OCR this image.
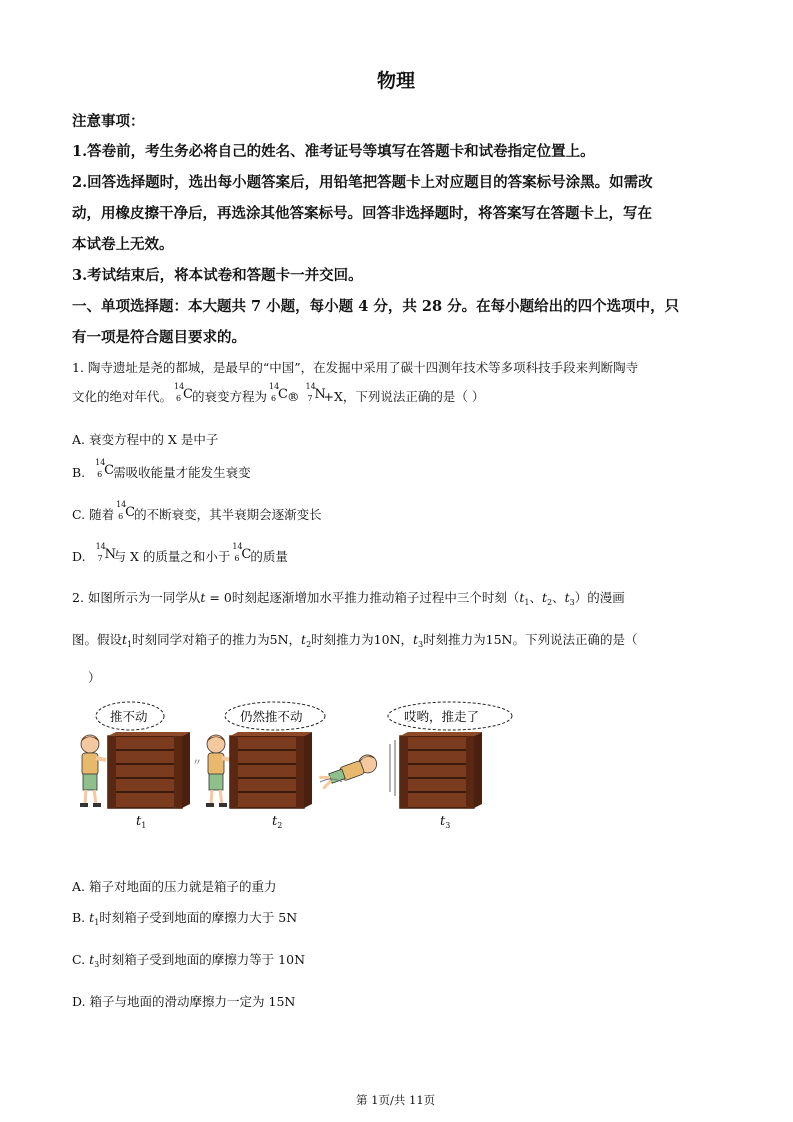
物理
注意事项：
1.答卷前，考生务必将自己的姓名、准考证号等填写在答题卡和试卷指定位置上。
2.回答选择题时，选出每小题答案后，用铅笔把答题卡上对应题目的答案标号涂黑。如需改
动，用橡皮擦干净后，再选涂其他答案标号。回答非选择题时，将答案写在答题卡上，写在
本试卷上无效。
3.考试结束后，将本试卷和答题卡一并交回。
一、单项选择题：本大题共 7 小题，每小题 4 分，共 28 分。在每小题给出的四个选项中，只
有一项是符合题目要求的。
1. 陶寺遗址是尧的都城，是最早的“中国”，在发掘中采用了碳十四测年技术等多项科技手段来判断陶寺
文化的绝对年代。
14
6 C 的衰变方程为
14
6 C ®
14
7 N
+X，下列说法正确的是（ ）
A. 衰变方程中的 X 是中子
B.
14
6 C 需吸收能量才能发生衰变
C. 随着
14
6 C 的不断衰变，其半衰期会逐渐变长
D.
14
7 N
与 X 的质量之和小于
14
6 C 的质量
2. 如图所示为一同学从t = 0时刻起逐渐增加水平推力推动箱子过程中三个时刻（$t_1$、$t_2$、$t_3$）的漫画
图。假设$t_1$时刻同学对箱子的推力为5N，$t_2$时刻推力为10N，$t_3$时刻推力为15N。下列说法正确的是（
）
推不动	仍然推不动
〃
哎哟，推走了
$t_1$	$t_2$	$t_3$
A. 箱子对地面的压力就是箱子的重力
B. $t_1$时刻箱子受到地面的摩擦力大于 5N
C. $t_3$时刻箱子受到地面的摩擦力等于 10N
D. 箱子与地面的滑动摩擦力一定为 15N
第 1页/共 11页
